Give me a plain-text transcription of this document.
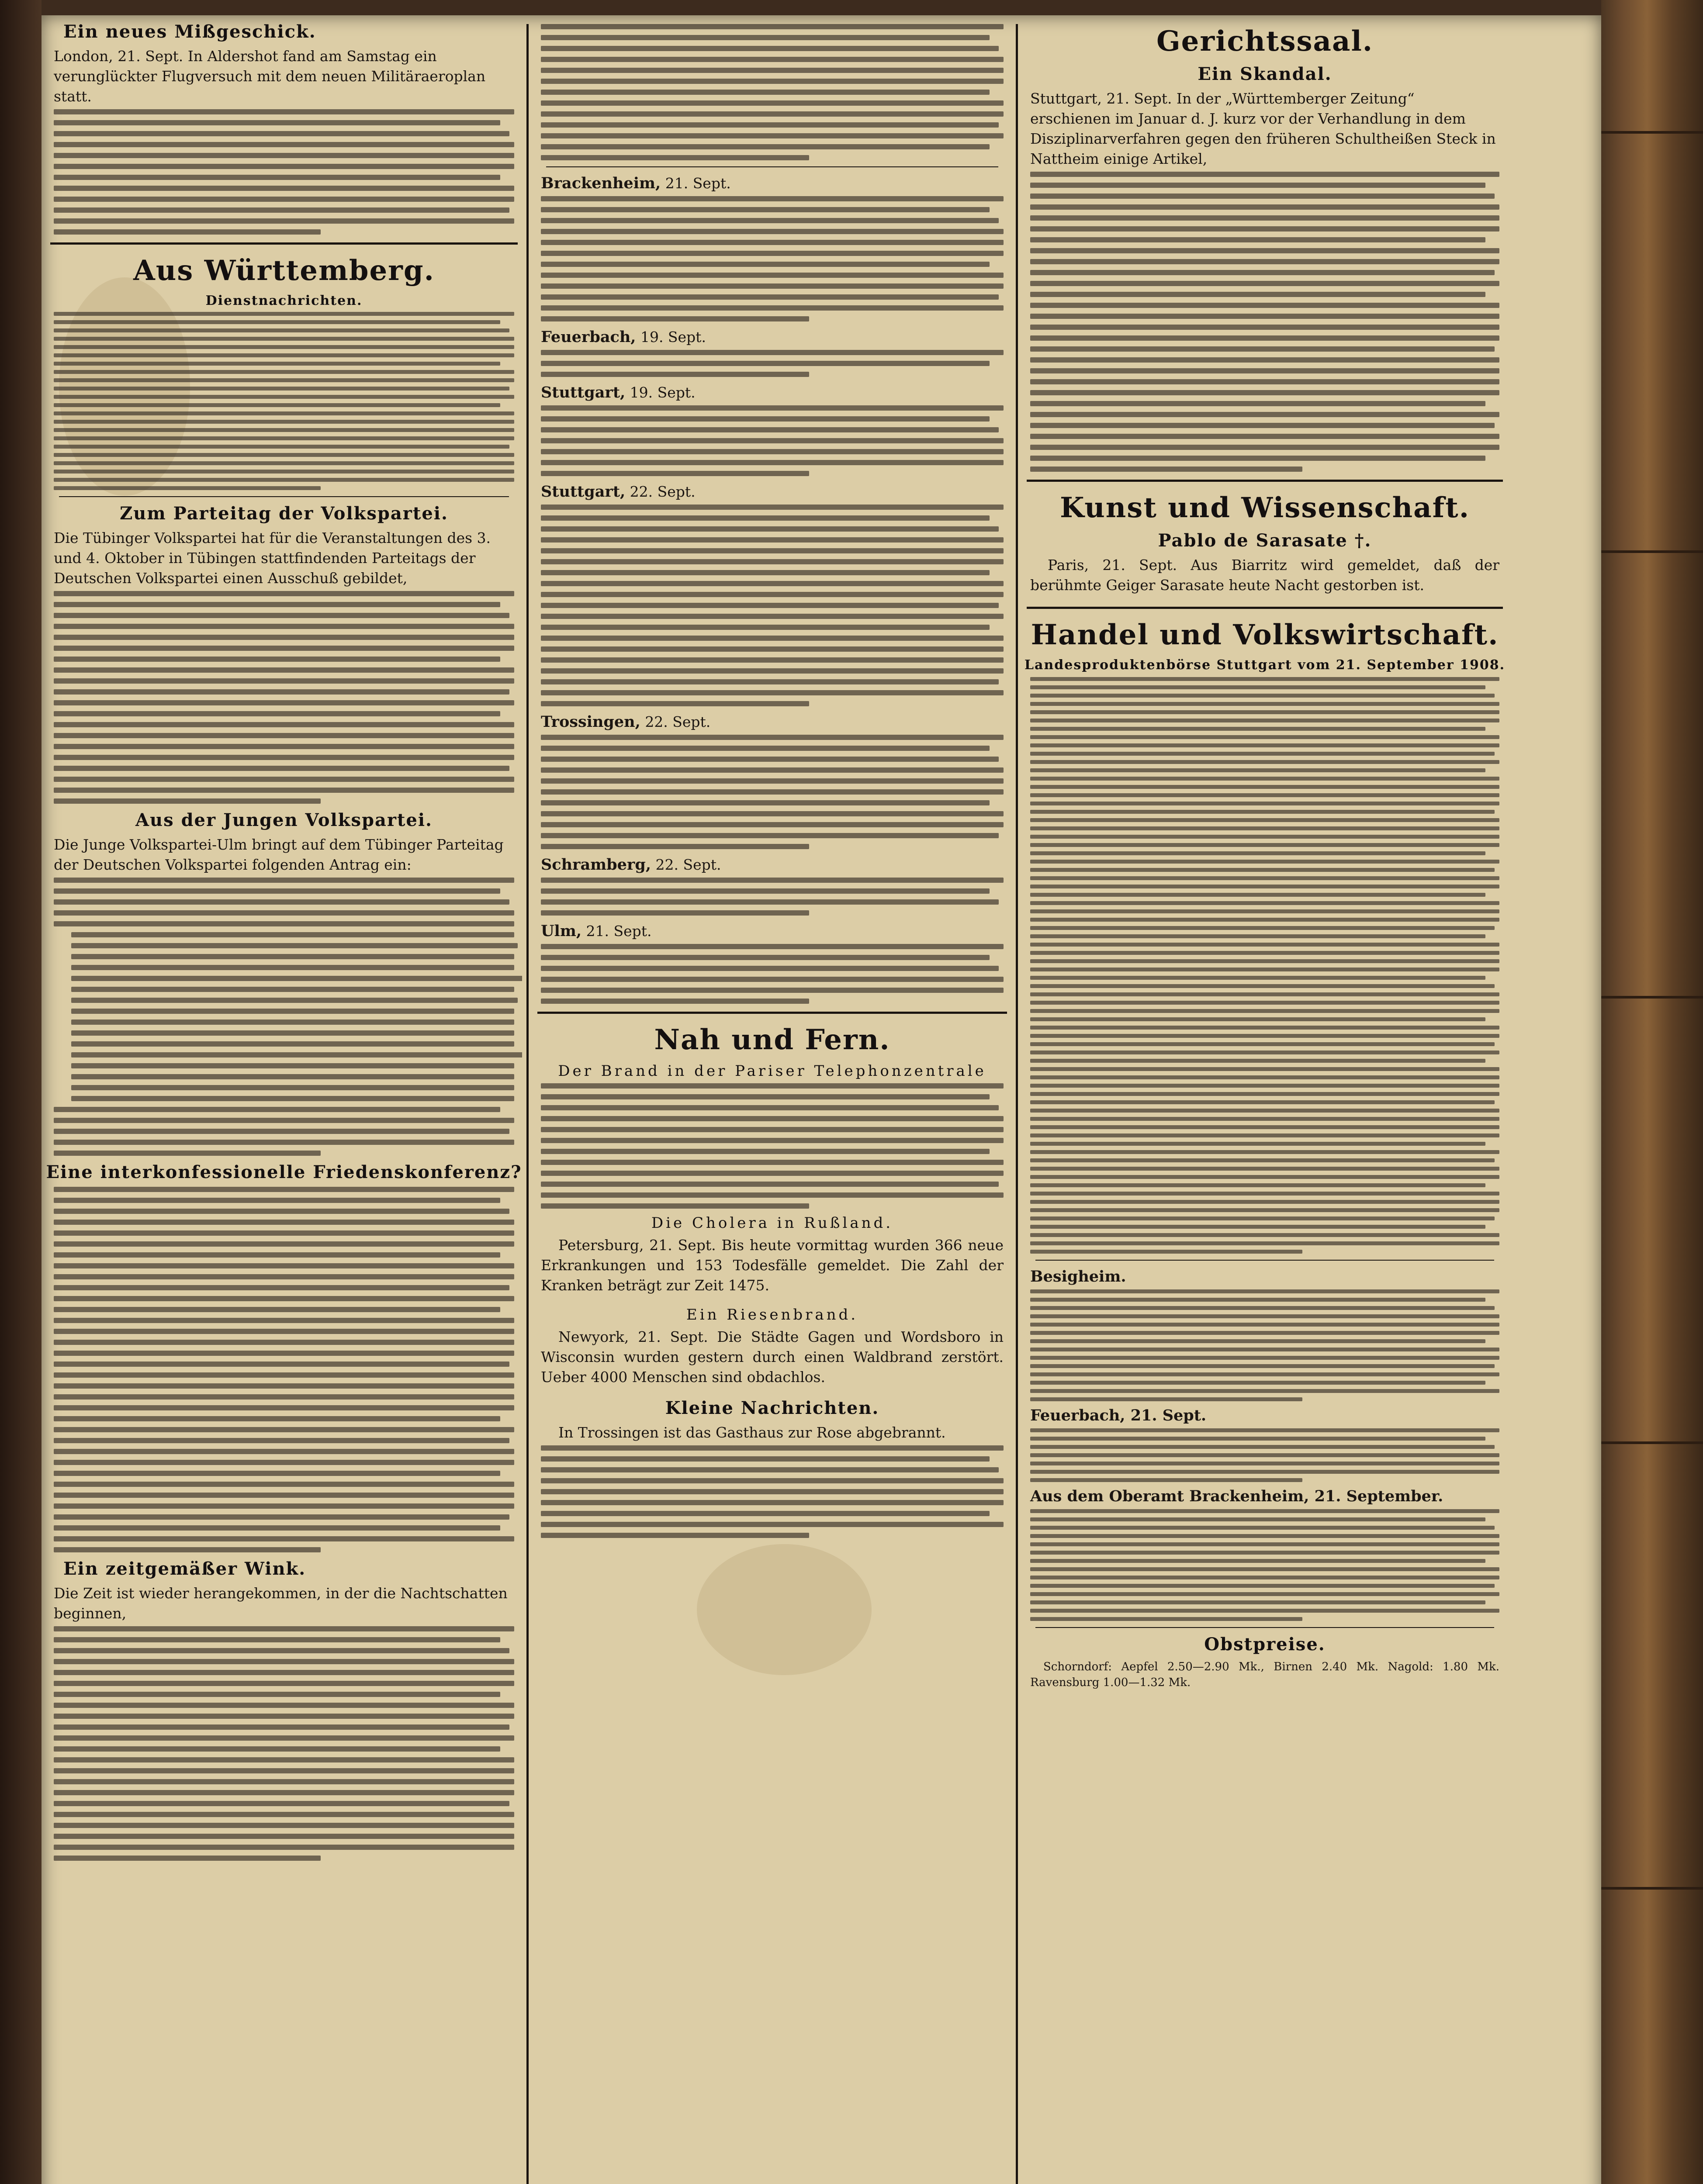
Ein neues Mißgeschick.
London, 21. Sept. In Aldershot fand am Samstag ein verunglückter Flugversuch mit dem neuen Militäraeroplan statt.
Aus Württemberg.
Dienstnachrichten.
Zum Parteitag der Volkspartei.
Die Tübinger Volkspartei hat für die Veranstaltungen des 3. und 4. Oktober in Tübingen stattfindenden Parteitags der Deutschen Volkspartei einen Ausschuß gebildet,
Aus der Jungen Volkspartei.
Die Junge Volkspartei-Ulm bringt auf dem Tübinger Parteitag der Deutschen Volkspartei folgenden Antrag ein:
Eine interkonfessionelle Friedenskonferenz?
Ein zeitgemäßer Wink.
Die Zeit ist wieder herangekommen, in der die Nachtschatten beginnen,
Brackenheim, 21. Sept.
Feuerbach, 19. Sept.
Stuttgart, 19. Sept.
Stuttgart, 22. Sept.
Trossingen, 22. Sept.
Schramberg, 22. Sept.
Ulm, 21. Sept.
Nah und Fern.
Der Brand in der Pariser Telephonzentrale
Die Cholera in Rußland.
Petersburg, 21. Sept. Bis heute vormittag wurden 366 neue Erkrankungen und 153 Todesfälle gemeldet. Die Zahl der Kranken beträgt zur Zeit 1475.
Ein Riesenbrand.
Newyork, 21. Sept. Die Städte Gagen und Wordsboro in Wisconsin wurden gestern durch einen Waldbrand zerstört. Ueber 4000 Menschen sind obdachlos.
Kleine Nachrichten.
In Trossingen ist das Gasthaus zur Rose abgebrannt.
Gerichtssaal.
Ein Skandal.
Stuttgart, 21. Sept. In der „Württemberger Zeitung“ erschienen im Januar d. J. kurz vor der Verhandlung in dem Disziplinarverfahren gegen den früheren Schultheißen Steck in Nattheim einige Artikel,
Kunst und Wissenschaft.
Pablo de Sarasate †.
Paris, 21. Sept. Aus Biarritz wird gemeldet, daß der berühmte Geiger Sarasate heute Nacht gestorben ist.
Handel und Volkswirtschaft.
Landesproduktenbörse Stuttgart vom 21. September 1908.
Besigheim.
Feuerbach, 21. Sept.
Aus dem Oberamt Brackenheim, 21. September.
Obstpreise.
Schorndorf: Aepfel 2.50—2.90 Mk., Birnen 2.40 Mk. Nagold: 1.80 Mk. Ravensburg 1.00—1.32 Mk.
